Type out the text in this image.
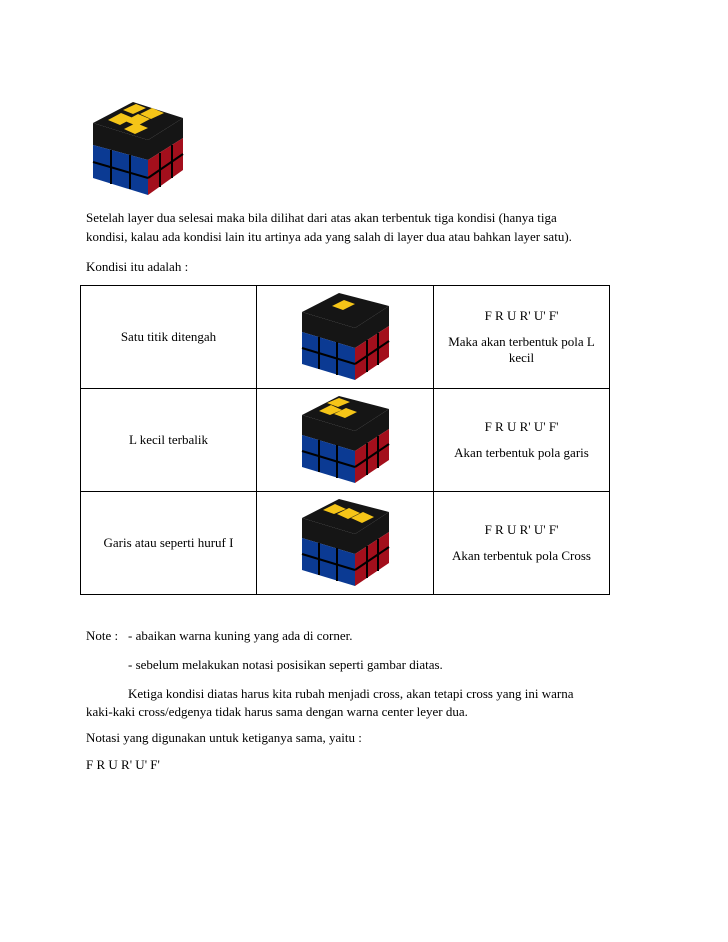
Setelah layer dua selesai maka bila dilihat dari atas akan terbentuk tiga kondisi (hanya tiga
kondisi, kalau ada kondisi lain itu artinya ada yang salah di layer dua atau bahkan layer satu).

Kondisi itu adalah :

Satu titik ditengah		F R U R' U' F'

Maka akan terbentuk pola L kecil

L kecil terbalik		F R U R' U' F'

Akan terbentuk pola garis

Garis atau seperti huruf I		F R U R' U' F'

Akan terbentuk pola Cross

Note : - abaikan warna kuning yang ada di corner.

- sebelum melakukan notasi posisikan seperti gambar diatas.

Ketiga kondisi diatas harus kita rubah menjadi cross, akan tetapi cross yang ini warna

kaki-kaki cross/edgenya tidak harus sama dengan warna center leyer dua.

Notasi yang digunakan untuk ketiganya sama, yaitu :

F R U R' U' F'
